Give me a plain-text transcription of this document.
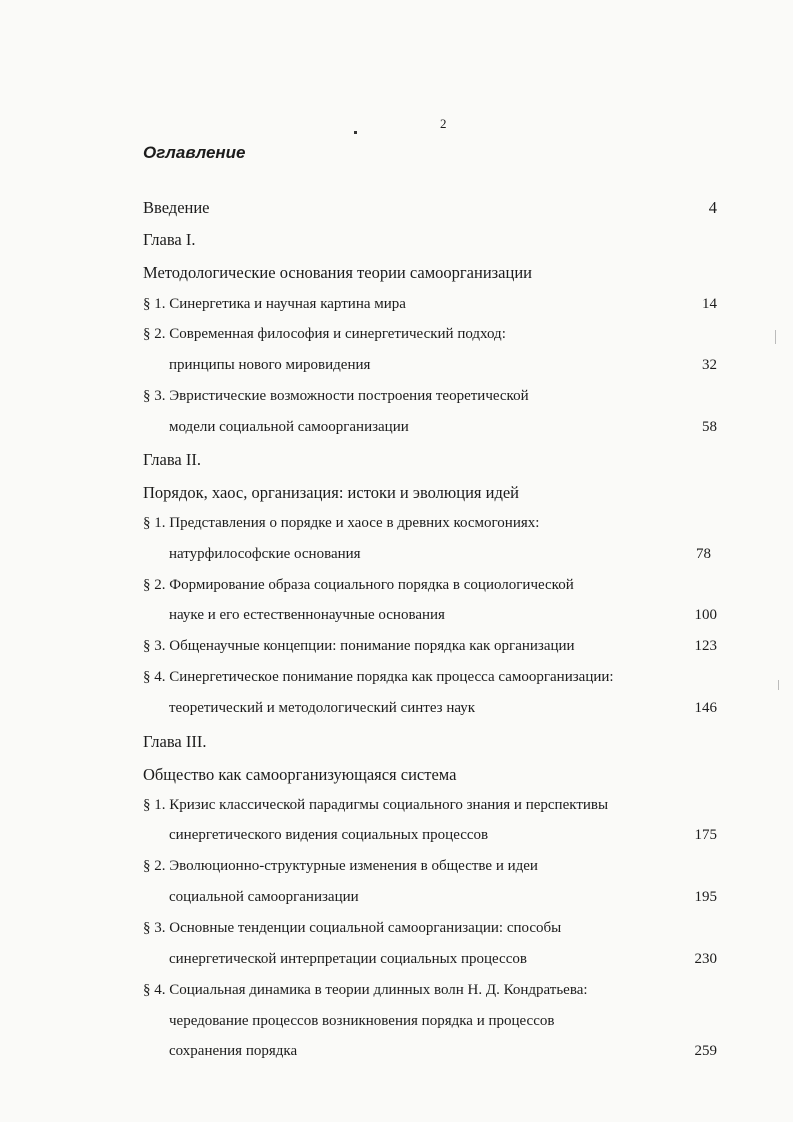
2
Оглавление
Введение	4
Глава I.
Методологические основания теории самоорганизации
§ 1. Синергетика и научная картина мира	14
§ 2. Современная философия и синергетический подход:
принципы нового мировидения	32
§ 3. Эвристические возможности построения теоретической
модели социальной самоорганизации	58
Глава II.
Порядок, хаос, организация: истоки и эволюция идей
§ 1. Представления о порядке и хаосе в древних космогониях:
натурфилософские основания	78
§ 2. Формирование образа социального порядка в социологической
науке и его естественнонаучные основания	100
§ 3. Общенаучные концепции: понимание порядка как организации	123
§ 4. Синергетическое понимание порядка как процесса самоорганизации:
теоретический и методологический синтез наук	146
Глава III.
Общество как самоорганизующаяся система
§ 1. Кризис классической парадигмы социального знания и перспективы
синергетического видения социальных процессов	175
§ 2. Эволюционно-структурные изменения в обществе и идеи
социальной самоорганизации	195
§ 3. Основные тенденции социальной самоорганизации: способы
синергетической интерпретации социальных процессов	230
§ 4. Социальная динамика в теории длинных волн Н. Д. Кондратьева:
чередование процессов возникновения порядка и процессов
сохранения порядка	259
